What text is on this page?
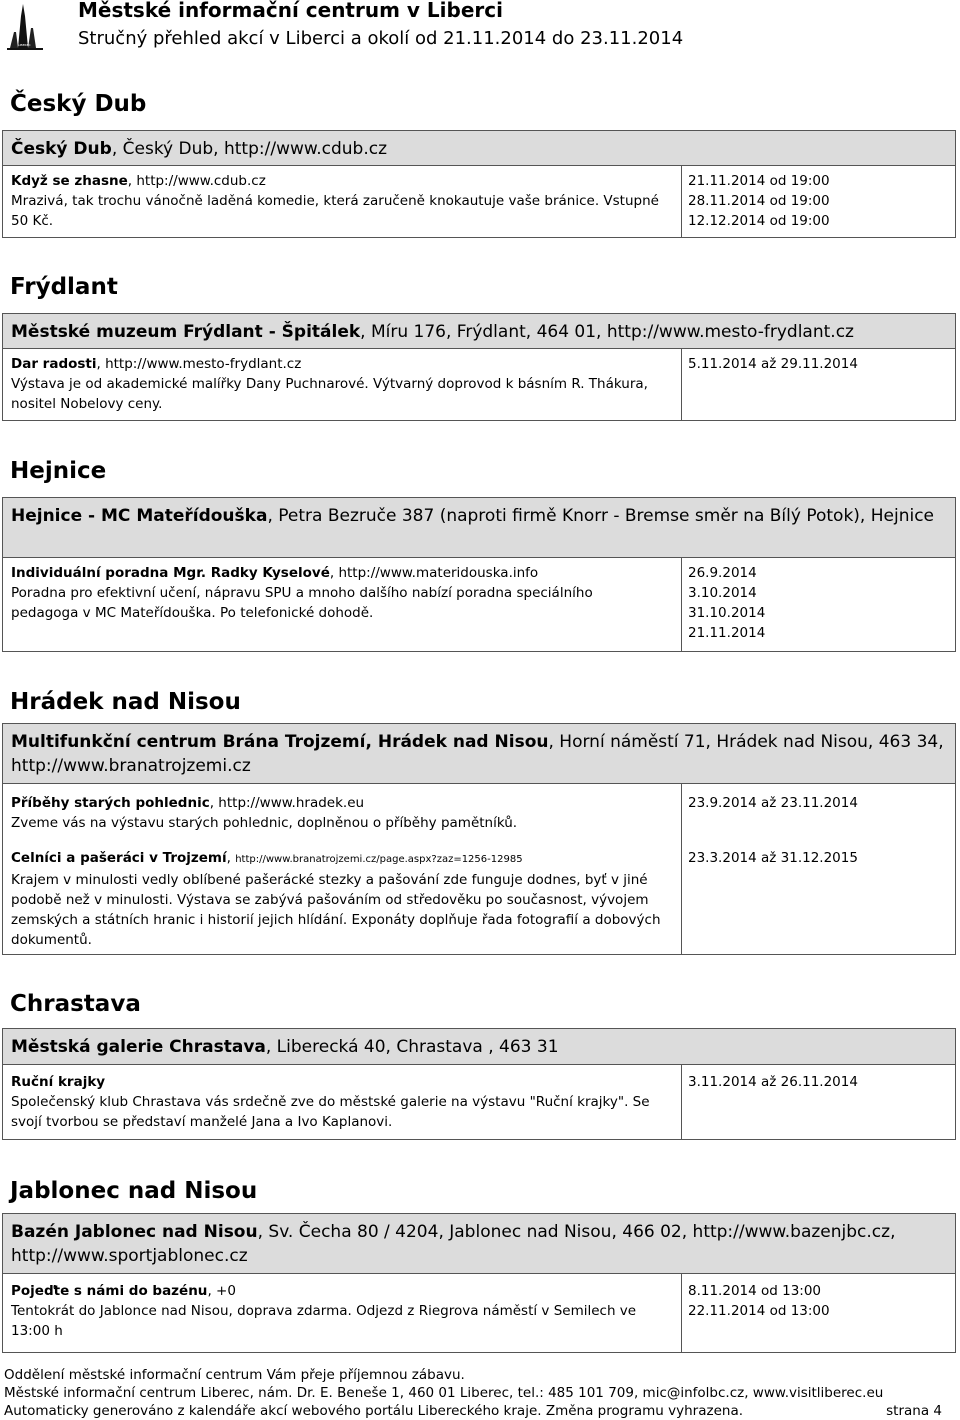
LIBEREC
Městské informační centrum v Liberci
Stručný přehled akcí v Liberci a okolí od 21.11.2014 do 23.11.2014
Český Dub
Český Dub, Český Dub, http://www.cdub.cz
Když se zhasne, http://www.cdub.cz
Mrazivá, tak trochu vánočně laděná komedie, která zaručeně knokautuje vaše bránice. Vstupné 50 Kč.
21.11.2014 od 19:00
28.11.2014 od 19:00
12.12.2014 od 19:00
Frýdlant
Městské muzeum Frýdlant - Špitálek, Míru 176, Frýdlant, 464 01, http://www.mesto-frydlant.cz
Dar radosti, http://www.mesto-frydlant.cz
Výstava je od akademické malířky Dany Puchnarové. Výtvarný doprovod k básním R. Thákura, nositel Nobelovy ceny.
5.11.2014 až 29.11.2014
Hejnice
Hejnice - MC Mateřídouška, Petra Bezruče 387 (naproti firmě Knorr - Bremse směr na Bílý Potok), Hejnice
Individuální poradna Mgr. Radky Kyselové, http://www.materidouska.info
Poradna pro efektivní učení, nápravu SPU a mnoho dalšího nabízí poradna speciálního pedagoga v MC Mateřídouška. Po telefonické dohodě.
26.9.2014
3.10.2014
31.10.2014
21.11.2014
Hrádek nad Nisou
Multifunkční centrum Brána Trojzemí, Hrádek nad Nisou, Horní náměstí 71, Hrádek nad Nisou, 463 34, http://www.branatrojzemi.cz
Příběhy starých pohlednic, http://www.hradek.eu
Zveme vás na výstavu starých pohlednic, doplněnou o příběhy pamětníků.
23.9.2014 až 23.11.2014
Celníci a pašeráci v Trojzemí, http://www.branatrojzemi.cz/page.aspx?zaz=1256-12985
Krajem v minulosti vedly oblíbené pašerácké stezky a pašování zde funguje dodnes, byť v jiné podobě než v minulosti. Výstava se zabývá pašováním od středověku po současnost, vývojem zemských a státních hranic i historií jejich hlídání. Exponáty doplňuje řada fotografií a dobových dokumentů.
23.3.2014 až 31.12.2015
Chrastava
Městská galerie Chrastava, Liberecká 40, Chrastava , 463 31
Ruční krajky
Společenský klub Chrastava vás srdečně zve do městské galerie na výstavu "Ruční krajky". Se svojí tvorbou se představí manželé Jana a Ivo Kaplanovi.
3.11.2014 až 26.11.2014
Jablonec nad Nisou
Bazén Jablonec nad Nisou, Sv. Čecha 80 / 4204, Jablonec nad Nisou, 466 02, http://www.bazenjbc.cz, http://www.sportjablonec.cz
Pojeďte s námi do bazénu, +0
Tentokrát do Jablonce nad Nisou, doprava zdarma. Odjezd z Riegrova náměstí v Semilech ve 13:00 h
8.11.2014 od 13:00
22.11.2014 od 13:00
Oddělení městské informační centrum Vám přeje příjemnou zábavu.
Městské informační centrum Liberec, nám. Dr. E. Beneše 1, 460 01 Liberec, tel.: 485 101 709, mic@infolbc.cz, www.visitliberec.eu
Automaticky generováno z kalendáře akcí webového portálu Libereckého kraje. Změna programu vyhrazena.	strana 4
